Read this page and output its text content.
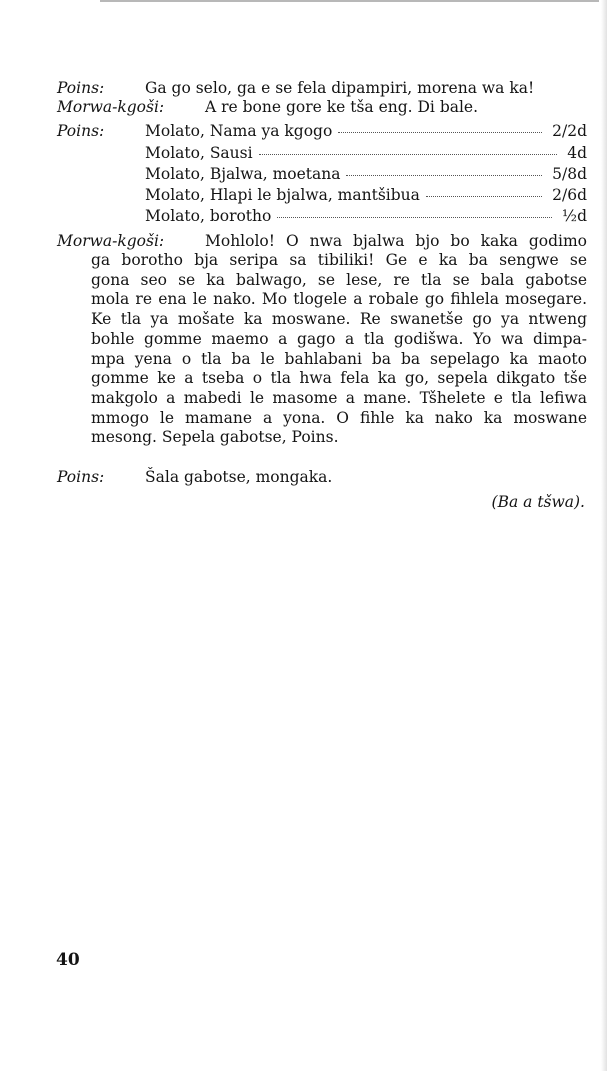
Poins:	Ga go selo, ga e se fela dipampiri, morena wa ka!
Morwa-kgoši:	A re bone gore ke tša eng. Di bale.
Poins:	Molato, Nama ya kgogo	2/2d
Molato, Sausi	4d
Molato, Bjalwa, moetana	5/8d
Molato, Hlapi le bjalwa, mantšibua	2/6d
Molato, borotho	½d
Morwa-kgoši:	Mohlolo! O nwa bjalwa bjo bo kaka godimo
ga borotho bja seripa sa tibiliki! Ge e ka ba sengwe se
gona seo se ka balwago, se lese, re tla se bala gabotse
mola re ena le nako. Mo tlogele a robale go fihlela mosegare.
Ke tla ya mošate ka moswane. Re swanetše go ya ntweng
bohle gomme maemo a gago a tla godišwa. Yo wa dimpa-
mpa yena o tla ba le bahlabani ba ba sepelago ka maoto
gomme ke a tseba o tla hwa fela ka go, sepela dikgato tše
makgolo a mabedi le masome a mane. Tšhelete e tla lefiwa
mmogo le mamane a yona. O fihle ka nako ka moswane
mesong. Sepela gabotse, Poins.
Poins:	Šala gabotse, mongaka.
(Ba a tšwa).
40
